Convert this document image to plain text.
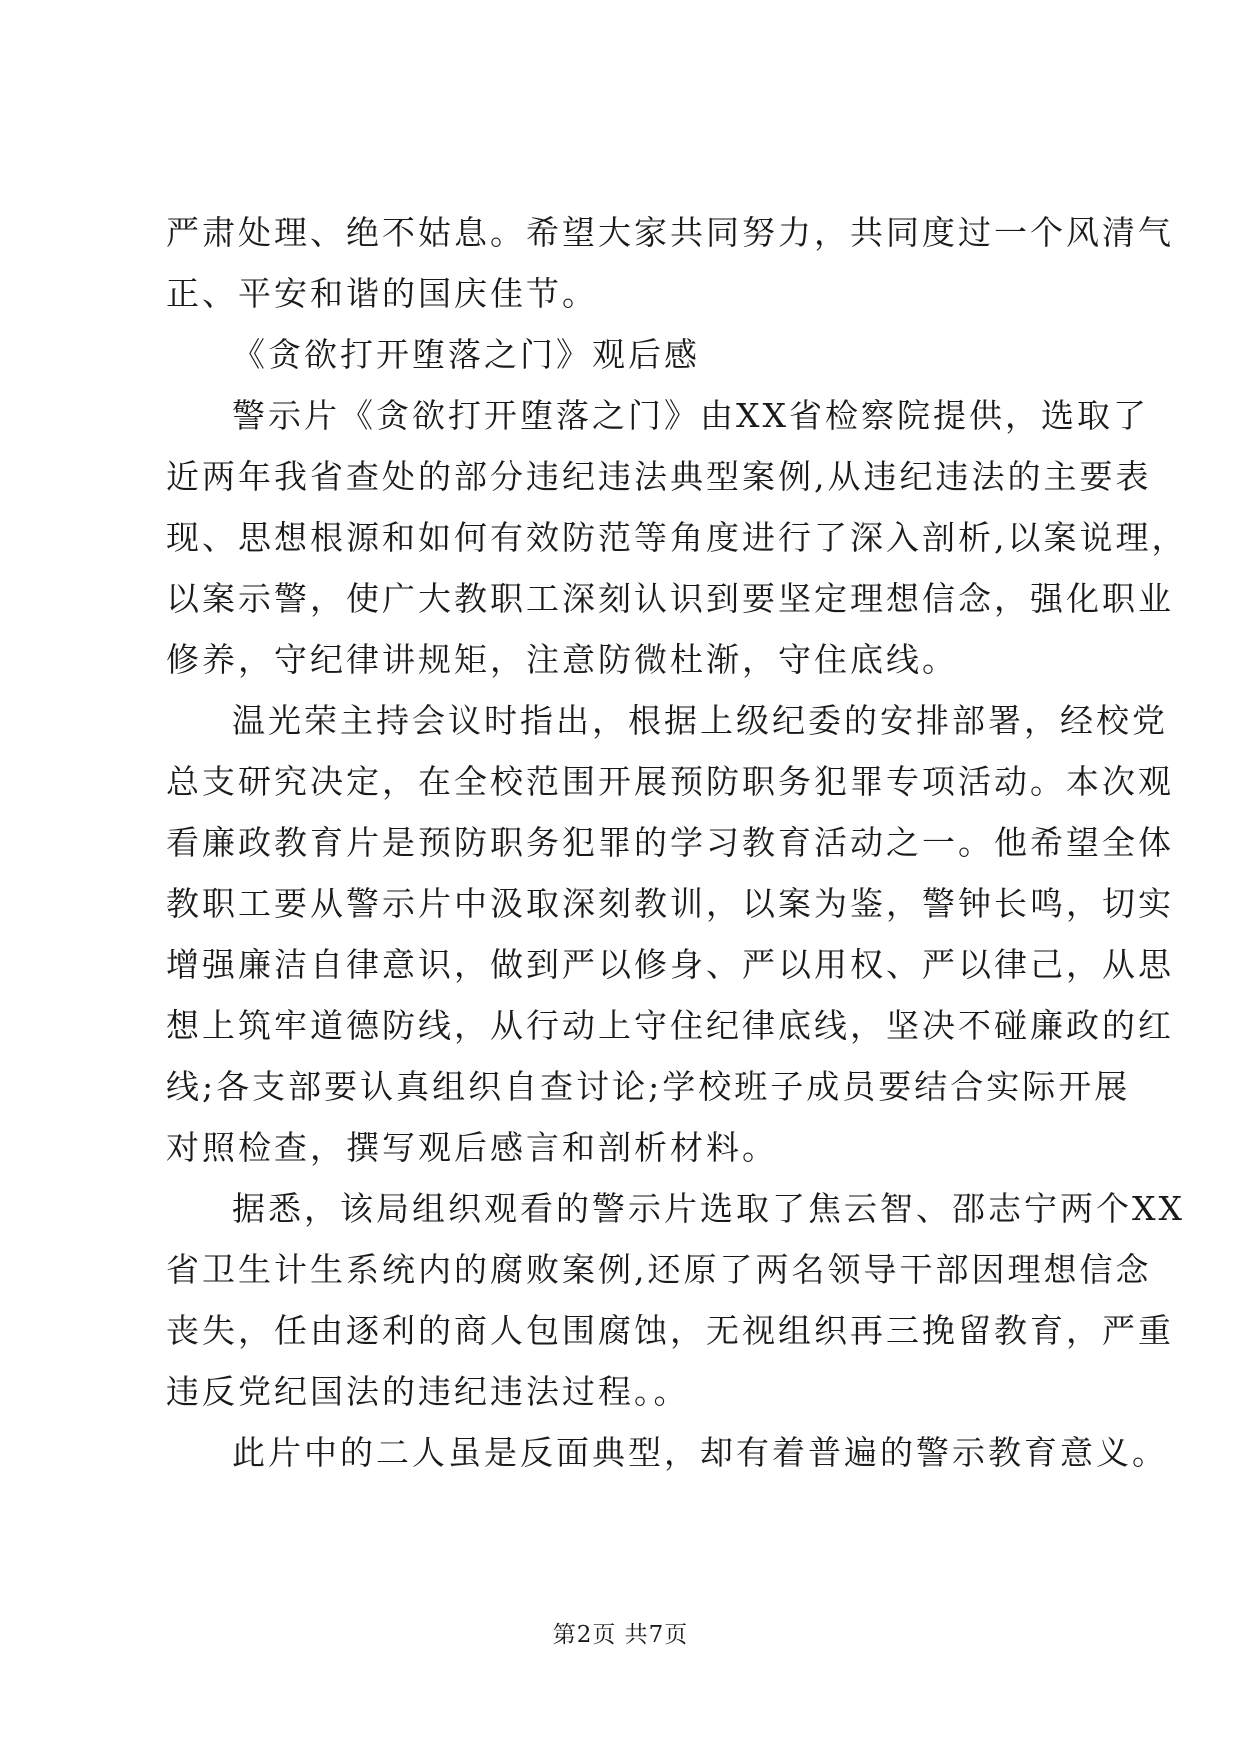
严肃处理、绝不姑息。希望大家共同努力，共同度过一个风清气
正、平安和谐的国庆佳节。
《贪欲打开堕落之门》观后感
警示片《贪欲打开堕落之门》由XX省检察院提供，选取了
近两年我省查处的部分违纪违法典型案例,从违纪违法的主要表
现、思想根源和如何有效防范等角度进行了深入剖析,以案说理，
以案示警，使广大教职工深刻认识到要坚定理想信念，强化职业
修养，守纪律讲规矩，注意防微杜渐，守住底线。
温光荣主持会议时指出，根据上级纪委的安排部署，经校党
总支研究决定，在全校范围开展预防职务犯罪专项活动。本次观
看廉政教育片是预防职务犯罪的学习教育活动之一。他希望全体
教职工要从警示片中汲取深刻教训，以案为鉴，警钟长鸣，切实
增强廉洁自律意识，做到严以修身、严以用权、严以律己，从思
想上筑牢道德防线，从行动上守住纪律底线，坚决不碰廉政的红
线;各支部要认真组织自查讨论;学校班子成员要结合实际开展
对照检查，撰写观后感言和剖析材料。
据悉，该局组织观看的警示片选取了焦云智、邵志宁两个XX
省卫生计生系统内的腐败案例,还原了两名领导干部因理想信念
丧失，任由逐利的商人包围腐蚀，无视组织再三挽留教育，严重
违反党纪国法的违纪违法过程。。
此片中的二人虽是反面典型，却有着普遍的警示教育意义。
第2页 共7页
